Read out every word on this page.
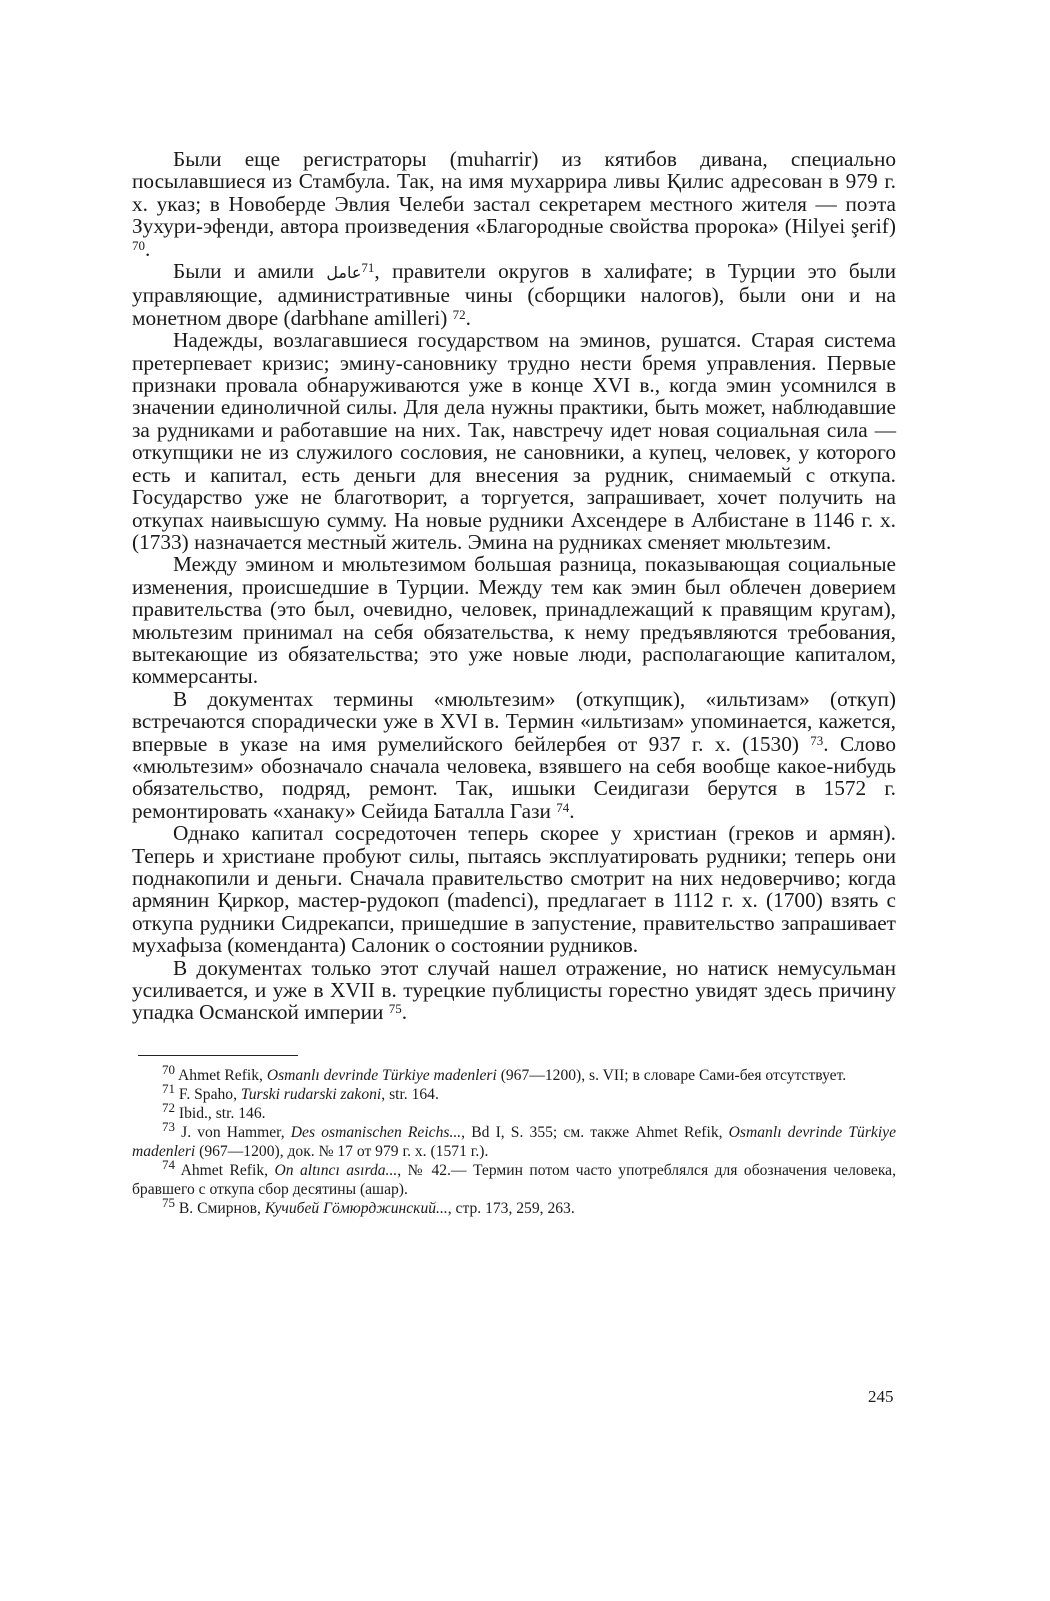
Были еще регистраторы (muharrir) из кятибов дивана, специально посылавшиеся из Стамбула. Так, на имя мухаррира ливы Қилис адресован в 979 г. х. указ; в Новоберде Эвлия Челеби застал секретарем местного жителя — поэта Зухури-эфенди, автора произведения «Благородные свойства пророка» (Hilyei şerif) $^{70}$.

Были и амили عامل$^{71}$, правители округов в халифате; в Турции это были управляющие, административные чины (сборщики налогов), были они и на монетном дворе (darbhane amilleri) $^{72}$.

Надежды, возлагавшиеся государством на эминов, рушатся. Старая система претерпевает кризис; эмину-сановнику трудно нести бремя управления. Первые признаки провала обнаруживаются уже в конце XVI в., когда эмин усомнился в значении единоличной силы. Для дела нужны практики, быть может, наблюдавшие за рудниками и работавшие на них. Так, навстречу идет новая социальная сила — откупщики не из служилого сословия, не сановники, а купец, человек, у которого есть и капитал, есть деньги для внесения за рудник, снимаемый с откупа. Государство уже не благотворит, а торгуется, запрашивает, хочет получить на откупах наивысшую сумму. На новые рудники Ахсендере в Албистане в 1146 г. х. (1733) назначается местный житель. Эмина на рудниках сменяет мюльтезим.

Между эмином и мюльтезимом большая разница, показывающая социальные изменения, происшедшие в Турции. Между тем как эмин был облечен доверием правительства (это был, очевидно, человек, принадлежащий к правящим кругам), мюльтезим принимал на себя обязательства, к нему предъявляются требования, вытекающие из обязательства; это уже новые люди, располагающие капиталом, коммерсанты.

В документах термины «мюльтезим» (откупщик), «ильтизам» (откуп) встречаются спорадически уже в XVI в. Термин «ильтизам» упоминается, кажется, впервые в указе на имя румелийского бейлербея от 937 г. х. (1530) $^{73}$. Слово «мюльтезим» обозначало сначала человека, взявшего на себя вообще какое-нибудь обязательство, подряд, ремонт. Так, ишыки Сеидигази берутся в 1572 г. ремонтировать «ханаку» Сейида Баталла Гази $^{74}$.

Однако капитал сосредоточен теперь скорее у христиан (греков и армян). Теперь и христиане пробуют силы, пытаясь эксплуатировать рудники; теперь они поднакопили и деньги. Сначала правительство смотрит на них недоверчиво; когда армянин Қиркор, мастер-рудокоп (madenci), предлагает в 1112 г. х. (1700) взять с откупа рудники Сидрекапси, пришедшие в запустение, правительство запрашивает мухафыза (коменданта) Салоник о состоянии рудников.

В документах только этот случай нашел отражение, но натиск немусульман усиливается, и уже в XVII в. турецкие публицисты горестно увидят здесь причину упадка Османской империи $^{75}$.

$^{70}$ Ahmet Refik, Osmanlı devrinde Türkiye madenleri (967—1200), s. VII; в словаре Сами-бея отсутствует.

$^{71}$ F. Spaho, Turski rudarski zakoni, str. 164.

$^{72}$ Ibid., str. 146.

$^{73}$ J. von Hammer, Des osmanischen Reichs..., Bd I, S. 355; см. также Ahmet Refik, Osmanlı devrinde Türkiye madenleri (967—1200), док. № 17 от 979 г. х. (1571 г.).

$^{74}$ Ahmet Refik, On altıncı asırda..., № 42.— Термин потом часто употреблялся для обозначения человека, бравшего с откупа сбор десятины (ашар).

$^{75}$ В. Смирнов, Кучибей Гӧмюрджинский..., стр. 173, 259, 263.

245
